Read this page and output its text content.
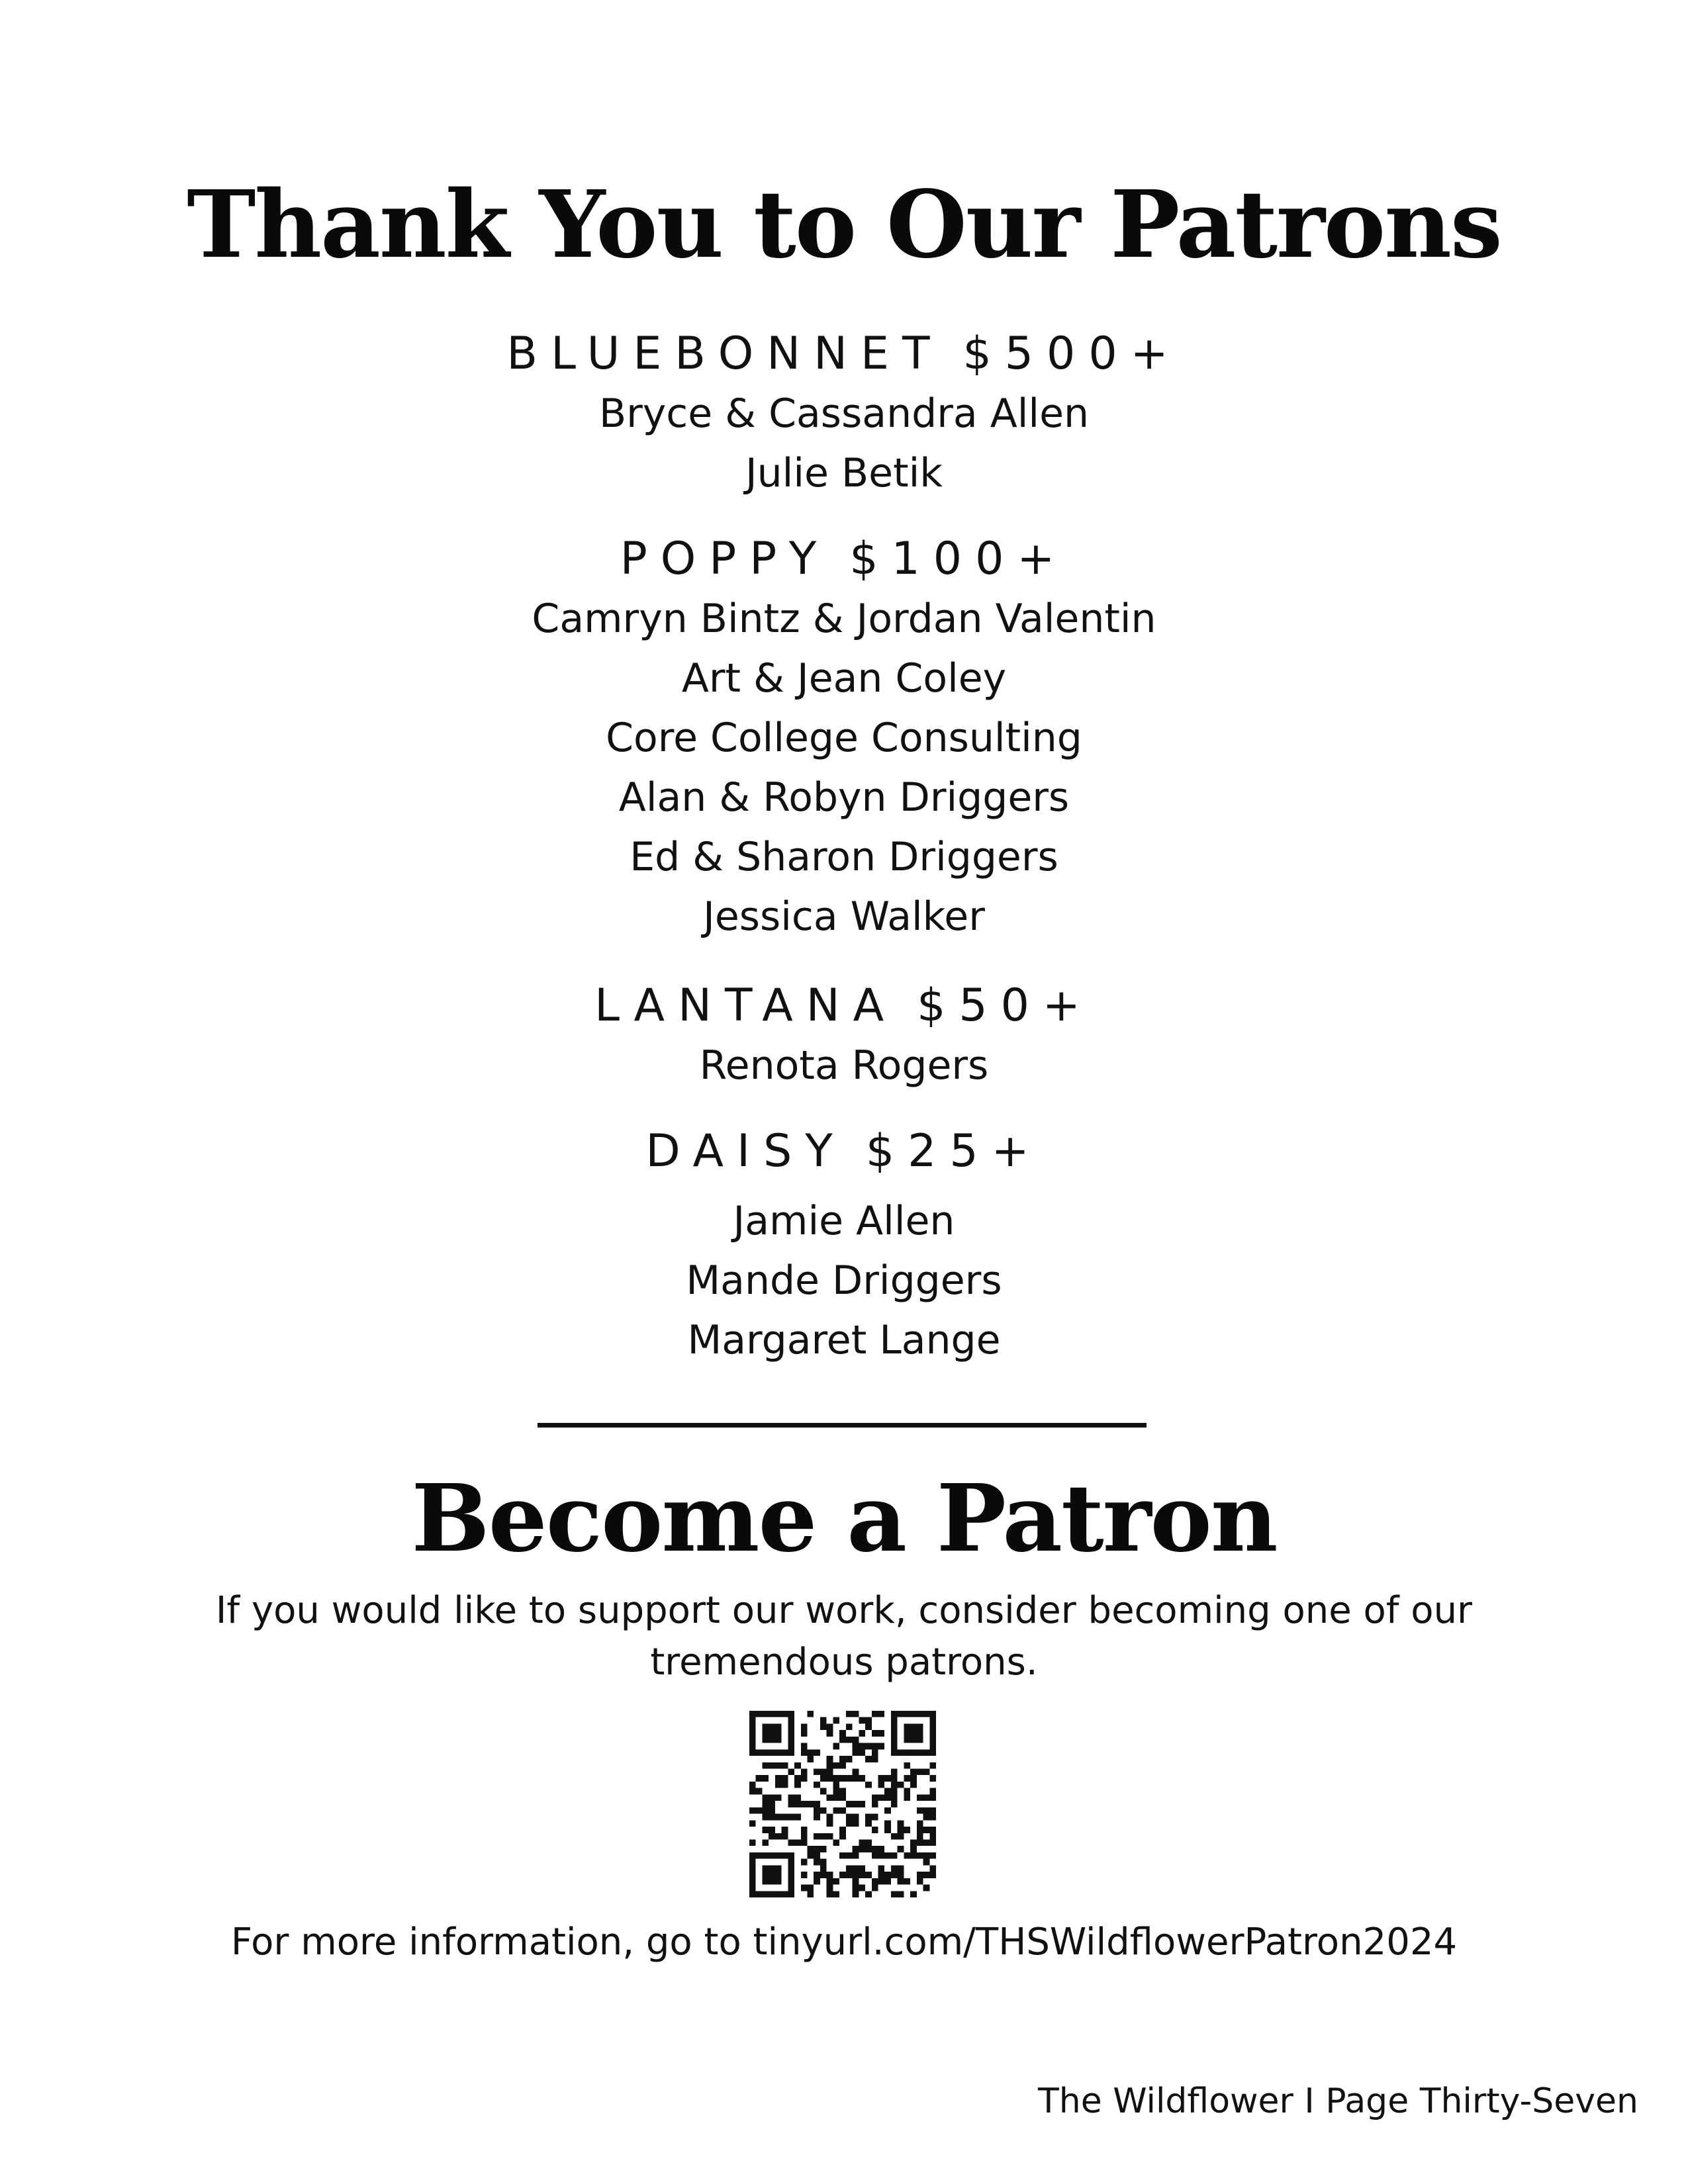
Thank You to Our Patrons
BLUEBONNET $500+
Bryce & Cassandra Allen
Julie Betik
POPPY $100+
Camryn Bintz & Jordan Valentin
Art & Jean Coley
Core College Consulting
Alan & Robyn Driggers
Ed & Sharon Driggers
Jessica Walker
LANTANA $50+
Renota Rogers
DAISY $25+
Jamie Allen
Mande Driggers
Margaret Lange
Become a Patron

If you would like to support our work, consider becoming one of our
tremendous patrons.

For more information, go to tinyurl.com/THSWildflowerPatron2024

The Wildflower I Page Thirty-Seven
